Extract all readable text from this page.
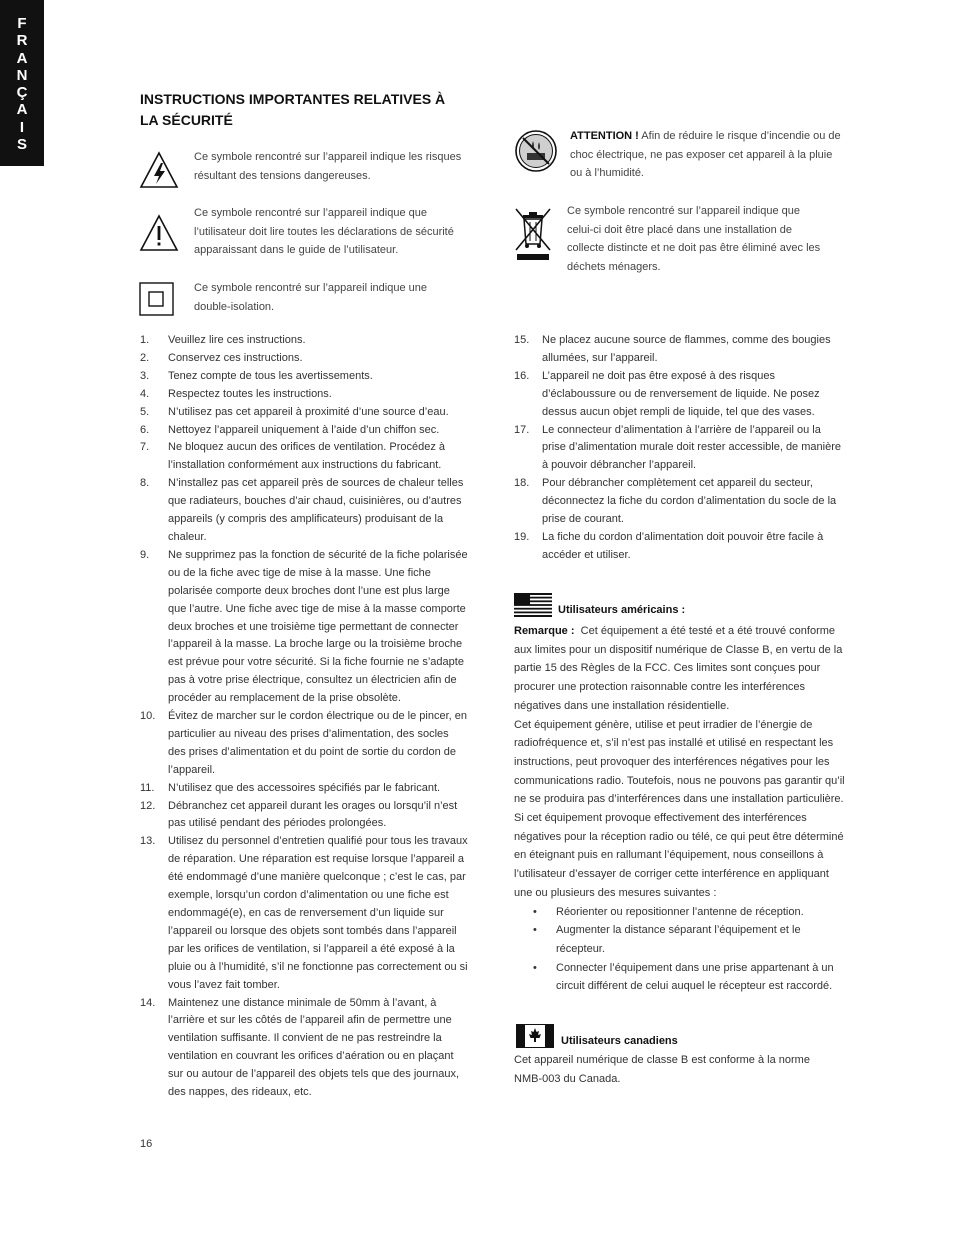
F
R
A
N
Ç
A
I
S
INSTRUCTIONS IMPORTANTES RELATIVES À LA SÉCURITÉ
Ce symbole rencontré sur l’appareil indique les risques résultant des tensions dangereuses.
Ce symbole rencontré sur l’appareil indique que l’utilisateur doit lire toutes les déclarations de sécurité apparaissant dans le guide de l’utilisateur.
Ce symbole rencontré sur l’appareil indique une double-isolation.
ATTENTION ! Afin de réduire le risque d’incendie ou de choc électrique, ne pas exposer cet appareil à la pluie ou à l’humidité.
Ce symbole rencontré sur l’appareil indique que celui-ci doit être placé dans une installation de collecte distincte et ne doit pas être éliminé avec les déchets ménagers.
1. Veuillez lire ces instructions.
2. Conservez ces instructions.
3. Tenez compte de tous les avertissements.
4. Respectez toutes les instructions.
5. N’utilisez pas cet appareil à proximité d’une source d’eau.
6. Nettoyez l’appareil uniquement à l’aide d’un chiffon sec.
7. Ne bloquez aucun des orifices de ventilation. Procédez à l’installation conformément aux instructions du fabricant.
8. N’installez pas cet appareil près de sources de chaleur telles que radiateurs, bouches d’air chaud, cuisinières, ou d’autres appareils (y compris des amplificateurs) produisant de la chaleur.
9. Ne supprimez pas la fonction de sécurité de la fiche polarisée ou de la fiche avec tige de mise à la masse. Une fiche polarisée comporte deux broches dont l’une est plus large que l’autre. Une fiche avec tige de mise à la masse comporte deux broches et une troisième tige permettant de connecter l’appareil à la masse. La broche large ou la troisième broche est prévue pour votre sécurité. Si la fiche fournie ne s’adapte pas à votre prise électrique, consultez un électricien afin de procéder au remplacement de la prise obsolète.
10. Évitez de marcher sur le cordon électrique ou de le pincer, en particulier au niveau des prises d’alimentation, des socles des prises d’alimentation et du point de sortie du cordon de l’appareil.
11. N’utilisez que des accessoires spécifiés par le fabricant.
12. Débranchez cet appareil durant les orages ou lorsqu’il n’est pas utilisé pendant des périodes prolongées.
13. Utilisez du personnel d’entretien qualifié pour tous les travaux de réparation. Une réparation est requise lorsque l’appareil a été endommagé d’une manière quelconque ; c’est le cas, par exemple, lorsqu’un cordon d’alimentation ou une fiche est endommagé(e), en cas de renversement d’un liquide sur l’appareil ou lorsque des objets sont tombés dans l’appareil par les orifices de ventilation, si l’appareil a été exposé à la pluie ou à l’humidité, s’il ne fonctionne pas correctement ou si vous l’avez fait tomber.
14. Maintenez une distance minimale de 50mm à l’avant, à l’arrière et sur les côtés de l’appareil afin de permettre une ventilation suffisante. Il convient de ne pas restreindre la ventilation en couvrant les orifices d’aération ou en plaçant sur ou autour de l’appareil des objets tels que des journaux, des nappes, des rideaux, etc.
15. Ne placez aucune source de flammes, comme des bougies allumées, sur l’appareil.
16. L’appareil ne doit pas être exposé à des risques d’éclaboussure ou de renversement de liquide. Ne posez dessus aucun objet rempli de liquide, tel que des vases.
17. Le connecteur d’alimentation à l’arrière de l’appareil ou la prise d’alimentation murale doit rester accessible, de manière à pouvoir débrancher l’appareil.
18. Pour débrancher complètement cet appareil du secteur, déconnectez la fiche du cordon d’alimentation du socle de la prise de courant.
19. La fiche du cordon d’alimentation doit pouvoir être facile à accéder et utiliser.
Utilisateurs américains :
Remarque : Cet équipement a été testé et a été trouvé conforme aux limites pour un dispositif numérique de Classe B, en vertu de la partie 15 des Règles de la FCC. Ces limites sont conçues pour procurer une protection raisonnable contre les interférences négatives dans une installation résidentielle.
Cet équipement génère, utilise et peut irradier de l’énergie de radiofréquence et, s’il n’est pas installé et utilisé en respectant les instructions, peut provoquer des interférences négatives pour les communications radio. Toutefois, nous ne pouvons pas garantir qu’il ne se produira pas d’interférences dans une installation particulière. Si cet équipement provoque effectivement des interférences négatives pour la réception radio ou télé, ce qui peut être déterminé en éteignant puis en rallumant l’équipement, nous conseillons à l’utilisateur d’essayer de corriger cette interférence en appliquant une ou plusieurs des mesures suivantes :
• Réorienter ou repositionner l’antenne de réception.
• Augmenter la distance séparant l’équipement et le récepteur.
• Connecter l’équipement dans une prise appartenant à un circuit différent de celui auquel le récepteur est raccordé.
Utilisateurs canadiens
Cet appareil numérique de classe B est conforme à la norme NMB-003 du Canada.
16
